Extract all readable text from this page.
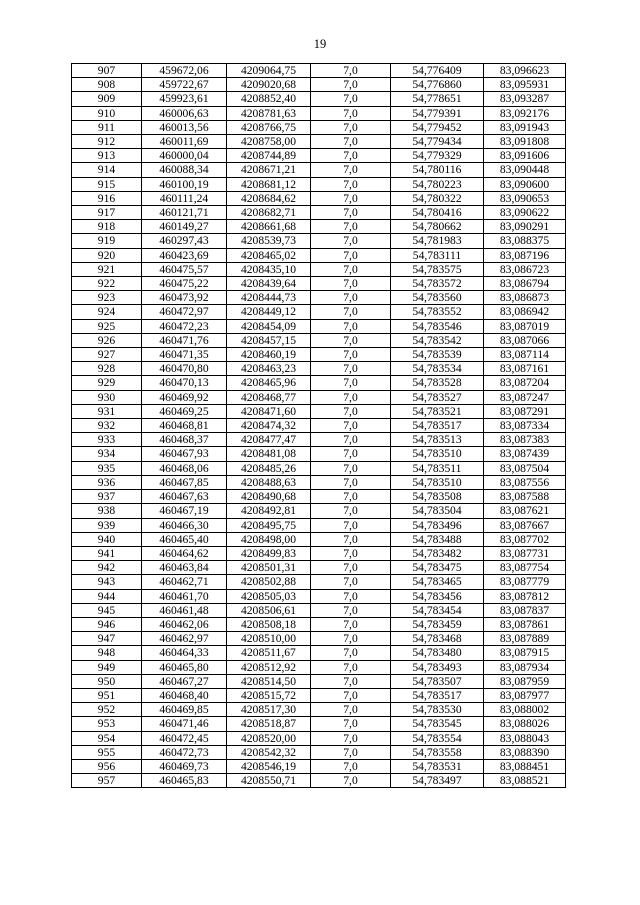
19
907	459672,06	4209064,75	7,0	54,776409	83,096623
908	459722,67	4209020,68	7,0	54,776860	83,095931
909	459923,61	4208852,40	7,0	54,778651	83,093287
910	460006,63	4208781,63	7,0	54,779391	83,092176
911	460013,56	4208766,75	7,0	54,779452	83,091943
912	460011,69	4208758,00	7,0	54,779434	83,091808
913	460000,04	4208744,89	7,0	54,779329	83,091606
914	460088,34	4208671,21	7,0	54,780116	83,090448
915	460100,19	4208681,12	7,0	54,780223	83,090600
916	460111,24	4208684,62	7,0	54,780322	83,090653
917	460121,71	4208682,71	7,0	54,780416	83,090622
918	460149,27	4208661,68	7,0	54,780662	83,090291
919	460297,43	4208539,73	7,0	54,781983	83,088375
920	460423,69	4208465,02	7,0	54,783111	83,087196
921	460475,57	4208435,10	7,0	54,783575	83,086723
922	460475,22	4208439,64	7,0	54,783572	83,086794
923	460473,92	4208444,73	7,0	54,783560	83,086873
924	460472,97	4208449,12	7,0	54,783552	83,086942
925	460472,23	4208454,09	7,0	54,783546	83,087019
926	460471,76	4208457,15	7,0	54,783542	83,087066
927	460471,35	4208460,19	7,0	54,783539	83,087114
928	460470,80	4208463,23	7,0	54,783534	83,087161
929	460470,13	4208465,96	7,0	54,783528	83,087204
930	460469,92	4208468,77	7,0	54,783527	83,087247
931	460469,25	4208471,60	7,0	54,783521	83,087291
932	460468,81	4208474,32	7,0	54,783517	83,087334
933	460468,37	4208477,47	7,0	54,783513	83,087383
934	460467,93	4208481,08	7,0	54,783510	83,087439
935	460468,06	4208485,26	7,0	54,783511	83,087504
936	460467,85	4208488,63	7,0	54,783510	83,087556
937	460467,63	4208490,68	7,0	54,783508	83,087588
938	460467,19	4208492,81	7,0	54,783504	83,087621
939	460466,30	4208495,75	7,0	54,783496	83,087667
940	460465,40	4208498,00	7,0	54,783488	83,087702
941	460464,62	4208499,83	7,0	54,783482	83,087731
942	460463,84	4208501,31	7,0	54,783475	83,087754
943	460462,71	4208502,88	7,0	54,783465	83,087779
944	460461,70	4208505,03	7,0	54,783456	83,087812
945	460461,48	4208506,61	7,0	54,783454	83,087837
946	460462,06	4208508,18	7,0	54,783459	83,087861
947	460462,97	4208510,00	7,0	54,783468	83,087889
948	460464,33	4208511,67	7,0	54,783480	83,087915
949	460465,80	4208512,92	7,0	54,783493	83,087934
950	460467,27	4208514,50	7,0	54,783507	83,087959
951	460468,40	4208515,72	7,0	54,783517	83,087977
952	460469,85	4208517,30	7,0	54,783530	83,088002
953	460471,46	4208518,87	7,0	54,783545	83,088026
954	460472,45	4208520,00	7,0	54,783554	83,088043
955	460472,73	4208542,32	7,0	54,783558	83,088390
956	460469,73	4208546,19	7,0	54,783531	83,088451
957	460465,83	4208550,71	7,0	54,783497	83,088521
